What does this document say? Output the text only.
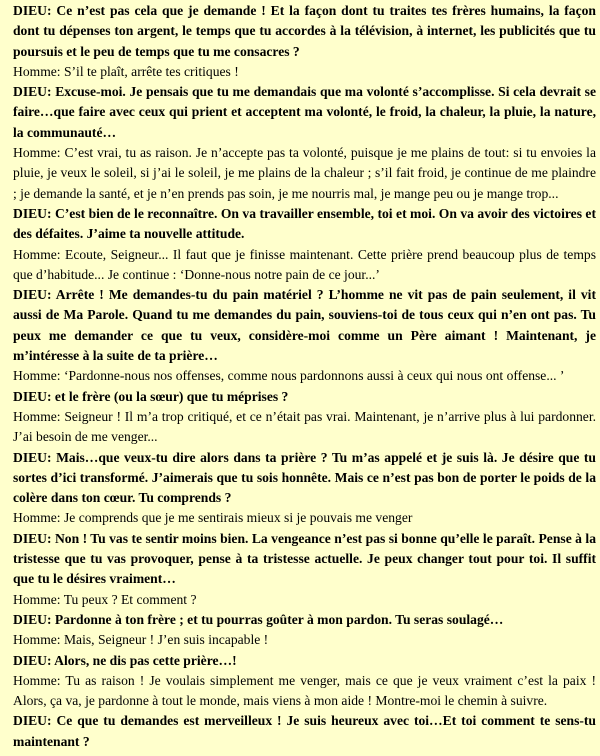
DIEU: Ce n’est pas cela que je demande ! Et la façon dont tu traites tes frères humains, la façon dont tu dépenses ton argent, le temps que tu accordes à la télévision, à internet, les publicités que tu poursuis et le peu de temps que tu me consacres ?

Homme: S’il te plaît, arrête tes critiques !

DIEU: Excuse-moi. Je pensais que tu me demandais que ma volonté s’accomplisse. Si cela devrait se faire…que faire avec ceux qui prient et acceptent ma volonté, le froid, la chaleur, la pluie, la nature, la communauté…

Homme: C’est vrai, tu as raison. Je n’accepte pas ta volonté, puisque je me plains de tout: si tu envoies la pluie, je veux le soleil, si j’ai le soleil, je me plains de la chaleur ; s’il fait froid, je continue de me plaindre ; je demande la santé, et je n’en prends pas soin, je me nourris mal, je mange peu ou je mange trop...

DIEU: C’est bien de le reconnaître. On va travailler ensemble, toi et moi. On va avoir des victoires et des défaites. J’aime ta nouvelle attitude.

Homme: Ecoute, Seigneur... Il faut que je finisse maintenant. Cette prière prend beaucoup plus de temps que d’habitude... Je continue : ‘Donne-nous notre pain de ce jour...’

DIEU: Arrête ! Me demandes-tu du pain matériel ? L’homme ne vit pas de pain seulement, il vit aussi de Ma Parole. Quand tu me demandes du pain, souviens-toi de tous ceux qui n’en ont pas. Tu peux me demander ce que tu veux, considère-moi comme un Père aimant ! Maintenant, je m’intéresse à la suite de ta prière…

Homme: ‘Pardonne-nous nos offenses, comme nous pardonnons aussi à ceux qui nous ont offense... ’

DIEU: et le frère (ou la sœur) que tu méprises ?

Homme: Seigneur ! Il m’a trop critiqué, et ce n’était pas vrai. Maintenant, je n’arrive plus à lui pardonner. J’ai besoin de me venger...

DIEU: Mais…que veux-tu dire alors dans ta prière ? Tu m’as appelé et je suis là. Je désire que tu sortes d’ici transformé. J’aimerais que tu sois honnête. Mais ce n’est pas bon de porter le poids de la colère dans ton cœur. Tu comprends ?

Homme: Je comprends que je me sentirais mieux si je pouvais me venger

DIEU: Non ! Tu vas te sentir moins bien. La vengeance n’est pas si bonne qu’elle le paraît. Pense à la tristesse que tu vas provoquer, pense à ta tristesse actuelle. Je peux changer tout pour toi. Il suffit que tu le désires vraiment…

Homme: Tu peux ? Et comment ?

DIEU: Pardonne à ton frère ; et tu pourras goûter à mon pardon. Tu seras soulagé…

Homme: Mais, Seigneur ! J’en suis incapable !

DIEU: Alors, ne dis pas cette prière…!

Homme: Tu as raison ! Je voulais simplement me venger, mais ce que je veux vraiment c’est la paix ! Alors, ça va, je pardonne à tout le monde, mais viens à mon aide ! Montre-moi le chemin à suivre.

DIEU: Ce que tu demandes est merveilleux ! Je suis heureux avec toi…Et toi comment te sens-tu maintenant ?
